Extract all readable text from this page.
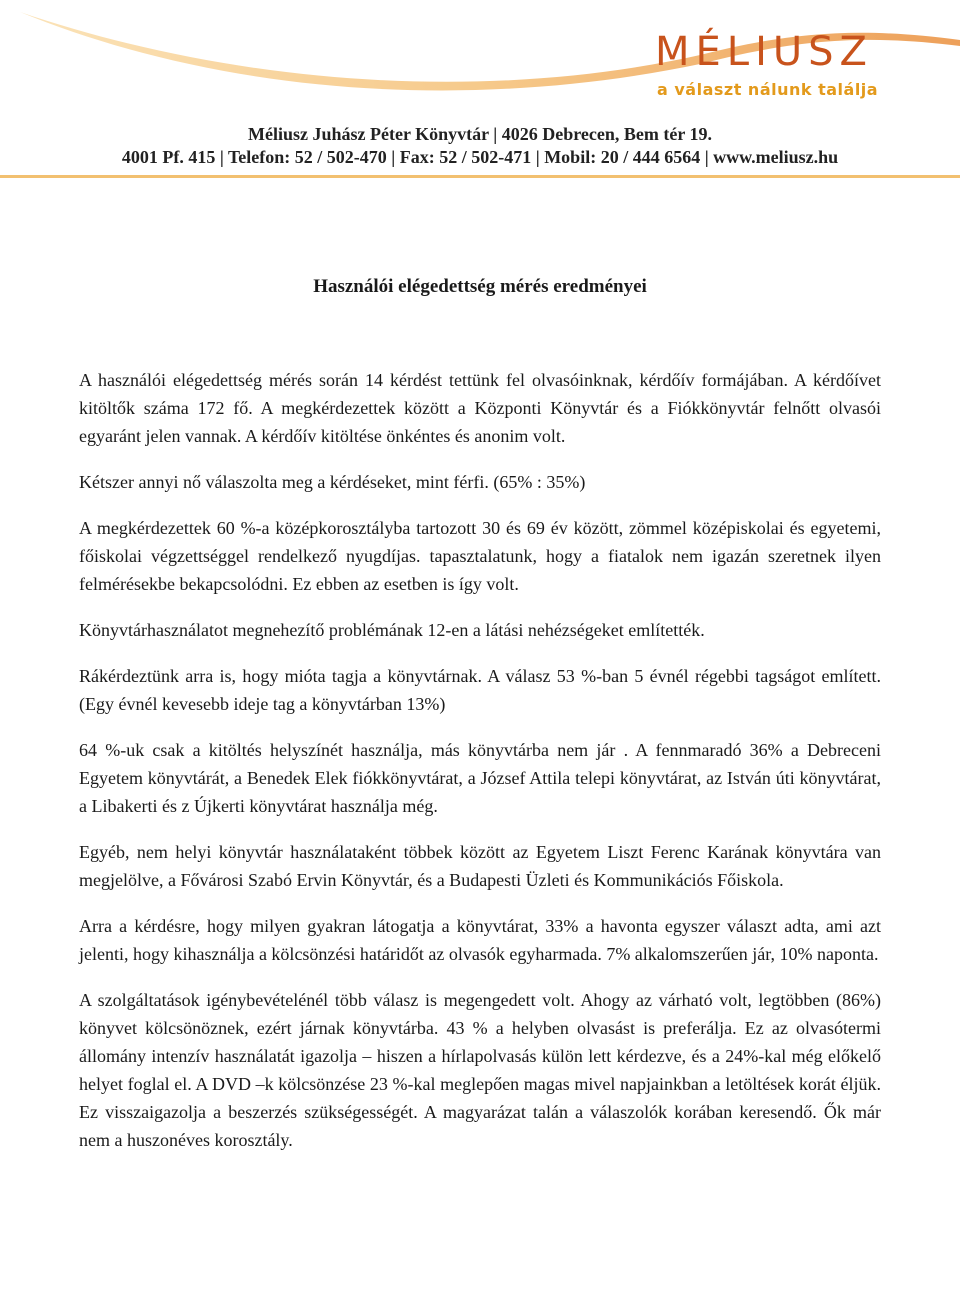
MÉLIUSZ
a választ nálunk találja
Méliusz Juhász Péter Könyvtár | 4026 Debrecen, Bem tér 19.
4001 Pf. 415 | Telefon: 52 / 502-470 | Fax: 52 / 502-471 | Mobil: 20 / 444 6564 | www.meliusz.hu
Használói elégedettség mérés eredményei

A használói elégedettség mérés során 14 kérdést tettünk fel olvasóinknak, kérdőív formájában. A kérdőívet kitöltők száma 172 fő. A megkérdezettek között a Központi Könyvtár és a Fiókkönyvtár felnőtt olvasói egyaránt jelen vannak. A kérdőív kitöltése önkéntes és anonim volt.

Kétszer annyi nő válaszolta meg a kérdéseket, mint férfi. (65% : 35%)

A megkérdezettek 60 %-a középkorosztályba tartozott 30 és 69 év között, zömmel középiskolai és egyetemi, főiskolai végzettséggel rendelkező nyugdíjas. tapasztalatunk, hogy a fiatalok nem igazán szeretnek ilyen felmérésekbe bekapcsolódni. Ez ebben az esetben is így volt.

Könyvtárhasználatot megnehezítő problémának 12-en a látási nehézségeket említették.

Rákérdeztünk arra is, hogy mióta tagja a könyvtárnak. A válasz 53 %-ban 5 évnél régebbi tagságot említett. (Egy évnél kevesebb ideje tag a könyvtárban 13%)

64 %-uk csak a kitöltés helyszínét használja, más könyvtárba nem jár . A fennmaradó 36% a Debreceni Egyetem könyvtárát, a Benedek Elek fiókkönyvtárat, a József Attila telepi könyvtárat, az István úti könyvtárat, a Libakerti és z Újkerti könyvtárat használja még.

Egyéb, nem helyi könyvtár használataként többek között az Egyetem Liszt Ferenc Karának könyvtára van megjelölve, a Fővárosi Szabó Ervin Könyvtár, és a Budapesti Üzleti és Kommunikációs Főiskola.

Arra a kérdésre, hogy milyen gyakran látogatja a könyvtárat, 33% a havonta egyszer választ adta, ami azt jelenti, hogy kihasználja a kölcsönzési határidőt az olvasók egyharmada. 7% alkalomszerűen jár, 10% naponta.

A szolgáltatások igénybevételénél több válasz is megengedett volt. Ahogy az várható volt, legtöbben (86%) könyvet kölcsönöznek, ezért járnak könyvtárba. 43 % a helyben olvasást is preferálja. Ez az olvasótermi állomány intenzív használatát igazolja – hiszen a hírlapolvasás külön lett kérdezve, és a 24%-kal még előkelő helyet foglal el. A DVD –k kölcsönzése 23 %-kal meglepően magas mivel napjainkban a letöltések korát éljük. Ez visszaigazolja a beszerzés szükségességét. A magyarázat talán a válaszolók korában keresendő. Ők már nem a huszonéves korosztály.
